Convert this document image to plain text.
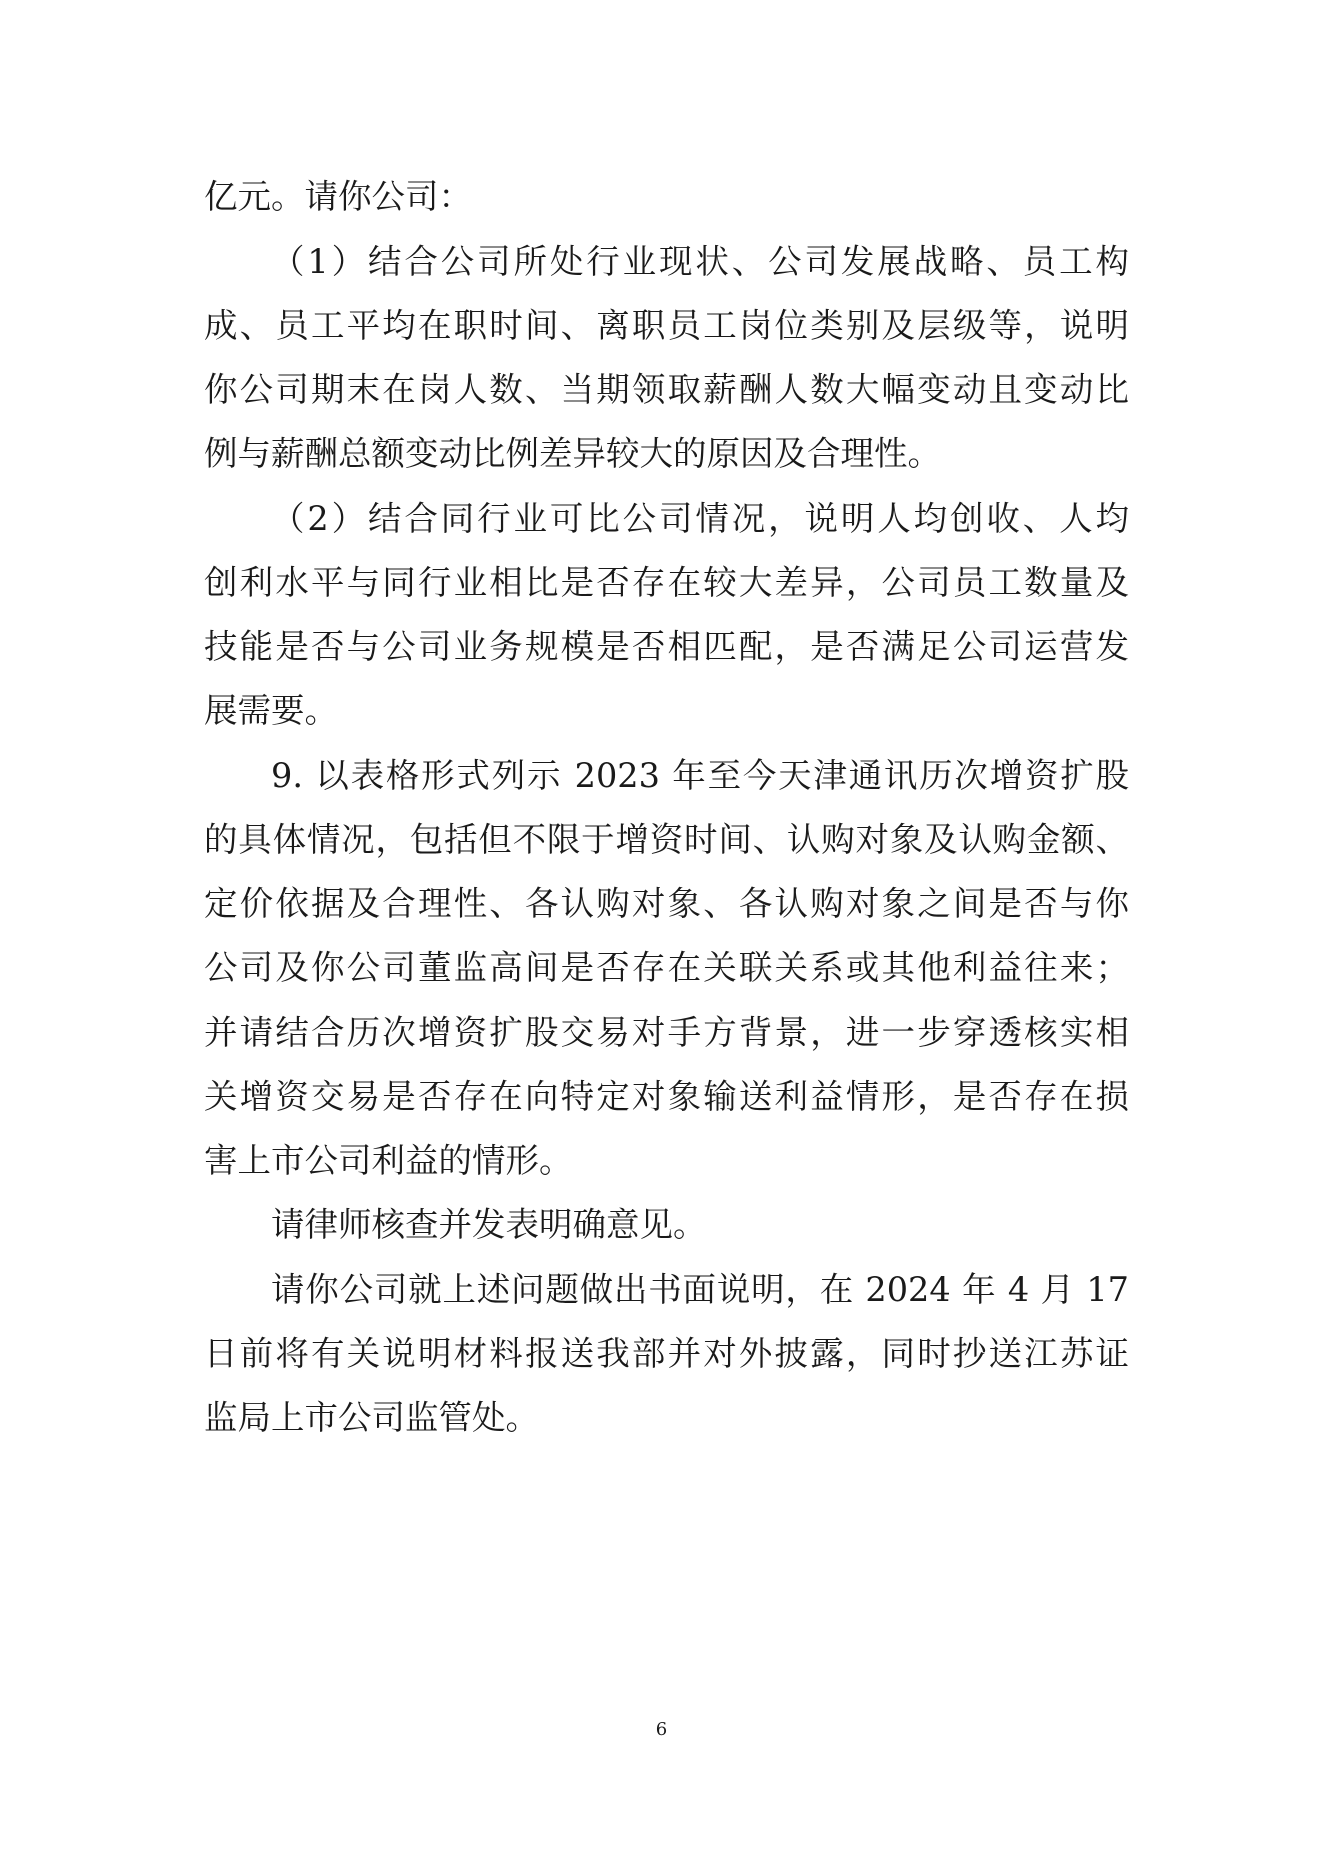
亿元。请你公司：
（1）结合公司所处行业现状、公司发展战略、员工构
成、员工平均在职时间、离职员工岗位类别及层级等，说明
你公司期末在岗人数、当期领取薪酬人数大幅变动且变动比
例与薪酬总额变动比例差异较大的原因及合理性。
（2）结合同行业可比公司情况，说明人均创收、人均
创利水平与同行业相比是否存在较大差异，公司员工数量及
技能是否与公司业务规模是否相匹配，是否满足公司运营发
展需要。
9. 以表格形式列示 2023 年至今天津通讯历次增资扩股
的具体情况，包括但不限于增资时间、认购对象及认购金额、
定价依据及合理性、各认购对象、各认购对象之间是否与你
公司及你公司董监高间是否存在关联关系或其他利益往来；
并请结合历次增资扩股交易对手方背景，进一步穿透核实相
关增资交易是否存在向特定对象输送利益情形，是否存在损
害上市公司利益的情形。
请律师核查并发表明确意见。
请你公司就上述问题做出书面说明，在 2024 年 4 月 17
日前将有关说明材料报送我部并对外披露，同时抄送江苏证
监局上市公司监管处。
6
